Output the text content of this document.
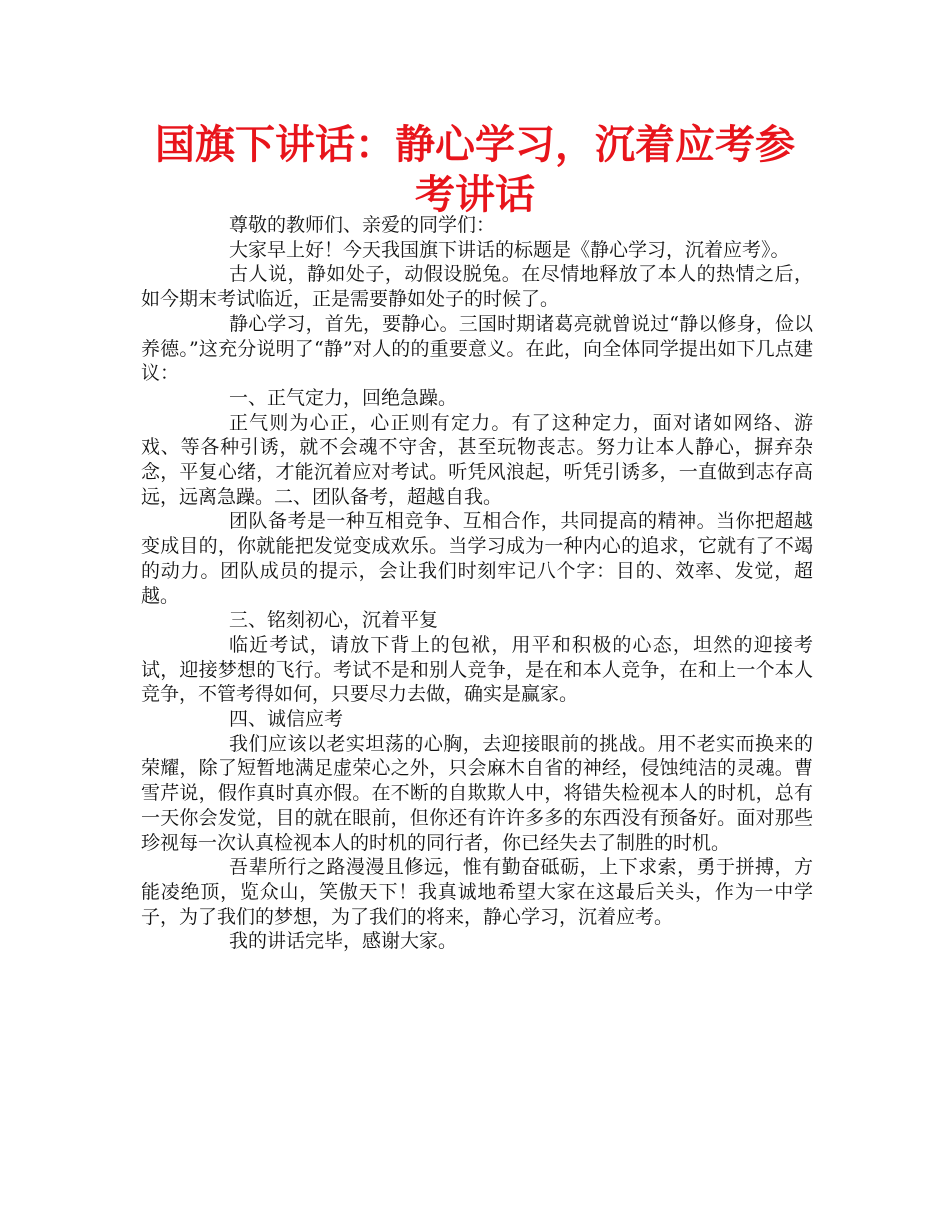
国旗下讲话：静心学习，沉着应考参考讲话

尊敬的教师们、亲爱的同学们：

大家早上好！今天我国旗下讲话的标题是《静心学习，沉着应考》。

古人说，静如处子，动假设脱兔。在尽情地释放了本人的热情之后，如今期末考试临近，正是需要静如处子的时候了。

静心学习，首先，要静心。三国时期诸葛亮就曾说过“静以修身，俭以养德。”这充分说明了“静”对人的的重要意义。在此，向全体同学提出如下几点建议：

一、正气定力，回绝急躁。

正气则为心正，心正则有定力。有了这种定力，面对诸如网络、游戏、等各种引诱，就不会魂不守舍，甚至玩物丧志。努力让本人静心，摒弃杂念，平复心绪，才能沉着应对考试。听凭风浪起，听凭引诱多，一直做到志存高远，远离急躁。二、团队备考，超越自我。

团队备考是一种互相竞争、互相合作，共同提高的精神。当你把超越变成目的，你就能把发觉变成欢乐。当学习成为一种内心的追求，它就有了不竭的动力。团队成员的提示，会让我们时刻牢记八个字：目的、效率、发觉，超越。

三、铭刻初心，沉着平复

临近考试，请放下背上的包袱，用平和积极的心态，坦然的迎接考试，迎接梦想的飞行。考试不是和别人竞争，是在和本人竞争，在和上一个本人竞争，不管考得如何，只要尽力去做，确实是赢家。

四、诚信应考

我们应该以老实坦荡的心胸，去迎接眼前的挑战。用不老实而换来的荣耀，除了短暂地满足虚荣心之外，只会麻木自省的神经，侵蚀纯洁的灵魂。曹雪芹说，假作真时真亦假。在不断的自欺欺人中，将错失检视本人的时机，总有一天你会发觉，目的就在眼前，但你还有许许多多的东西没有预备好。面对那些珍视每一次认真检视本人的时机的同行者，你已经失去了制胜的时机。

吾辈所行之路漫漫且修远，惟有勤奋砥砺，上下求索，勇于拼搏，方能凌绝顶，览众山，笑傲天下！我真诚地希望大家在这最后关头，作为一中学子，为了我们的梦想，为了我们的将来，静心学习，沉着应考。

我的讲话完毕，感谢大家。
